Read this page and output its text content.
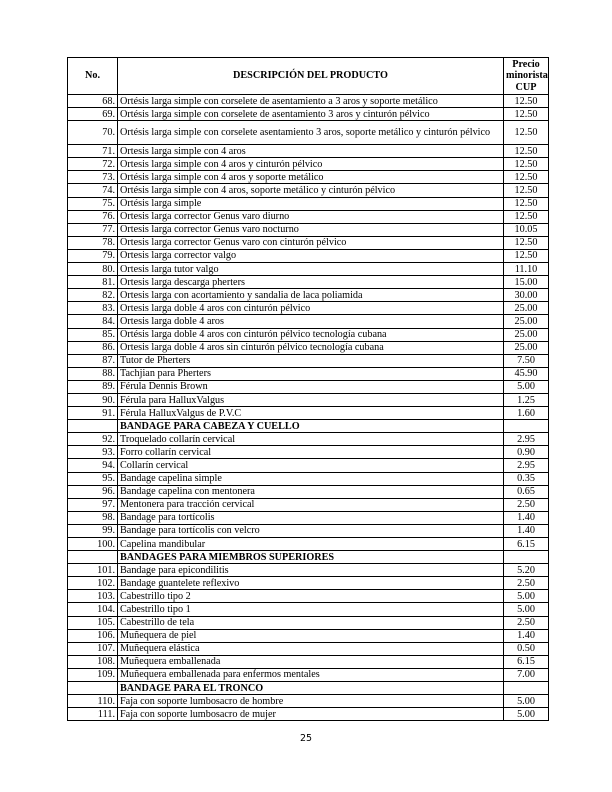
No.	DESCRIPCIÓN DEL PRODUCTO	Precio
minorista
CUP
68.	Ortésis larga simple con corselete de asentamiento a 3 aros y soporte metálico	12.50
69.	Ortésis larga simple con corselete de asentamiento 3 aros y cinturón pélvico	12.50
70.	Ortésis larga simple con corselete asentamiento 3 aros, soporte metálico y cinturón pélvico	12.50
71.	Ortesis larga simple con 4 aros	12.50
72.	Ortesis larga simple con 4 aros y cinturón pélvico	12.50
73.	Ortésis larga simple con 4 aros y soporte metálico	12.50
74.	Ortésis larga simple con 4 aros, soporte metálico y cinturón pélvico	12.50
75.	Ortésis larga simple	12.50
76.	Ortesis larga corrector Genus varo diurno	12.50
77.	Ortesis larga corrector Genus varo nocturno	10.05
78.	Ortesis larga corrector Genus varo con cinturón pélvico	12.50
79.	Ortesis larga corrector valgo	12.50
80.	Ortesis larga tutor valgo	11.10
81.	Ortesis larga descarga pherters	15.00
82.	Ortesis larga con acortamiento y sandalia de laca poliamida	30.00
83.	Ortesis larga doble 4 aros con cinturón pélvico	25.00
84.	Ortesis larga doble 4 aros	25.00
85.	Ortésis larga doble 4 aros con cinturón pélvico tecnología cubana	25.00
86.	Ortesis larga doble 4 aros sin cinturón pélvico tecnología cubana	25.00
87.	Tutor de Pherters	7.50
88.	Tachjian para Pherters	45.90
89.	Férula Dennis Brown	5.00
90.	Férula para HalluxValgus	1.25
91.	Férula HalluxValgus de P.V.C	1.60
	BANDAGE PARA CABEZA Y CUELLO	
92.	Troquelado collarín cervical	2.95
93.	Forro collarín cervical	0.90
94.	Collarín cervical	2.95
95.	Bandage capelina simple	0.35
96.	Bandage capelina con mentonera	0.65
97.	Mentonera para tracción cervical	2.50
98.	Bandage para tortícolis	1.40
99.	Bandage para tortícolis con velcro	1.40
100.	Capelina mandibular	6.15
	BANDAGES PARA MIEMBROS SUPERIORES	
101.	Bandage para epicondilitis	5.20
102.	Bandage guantelete reflexivo	2.50
103.	Cabestrillo tipo 2	5.00
104.	Cabestrillo tipo 1	5.00
105.	Cabestrillo de tela	2.50
106.	Muñequera de piel	1.40
107.	Muñequera elástica	0.50
108.	Muñequera emballenada	6.15
109.	Muñequera emballenada para enfermos mentales	7.00
	BANDAGE PARA EL TRONCO	
110.	Faja con soporte lumbosacro de hombre	5.00
111.	Faja con soporte lumbosacro de mujer	5.00
25
